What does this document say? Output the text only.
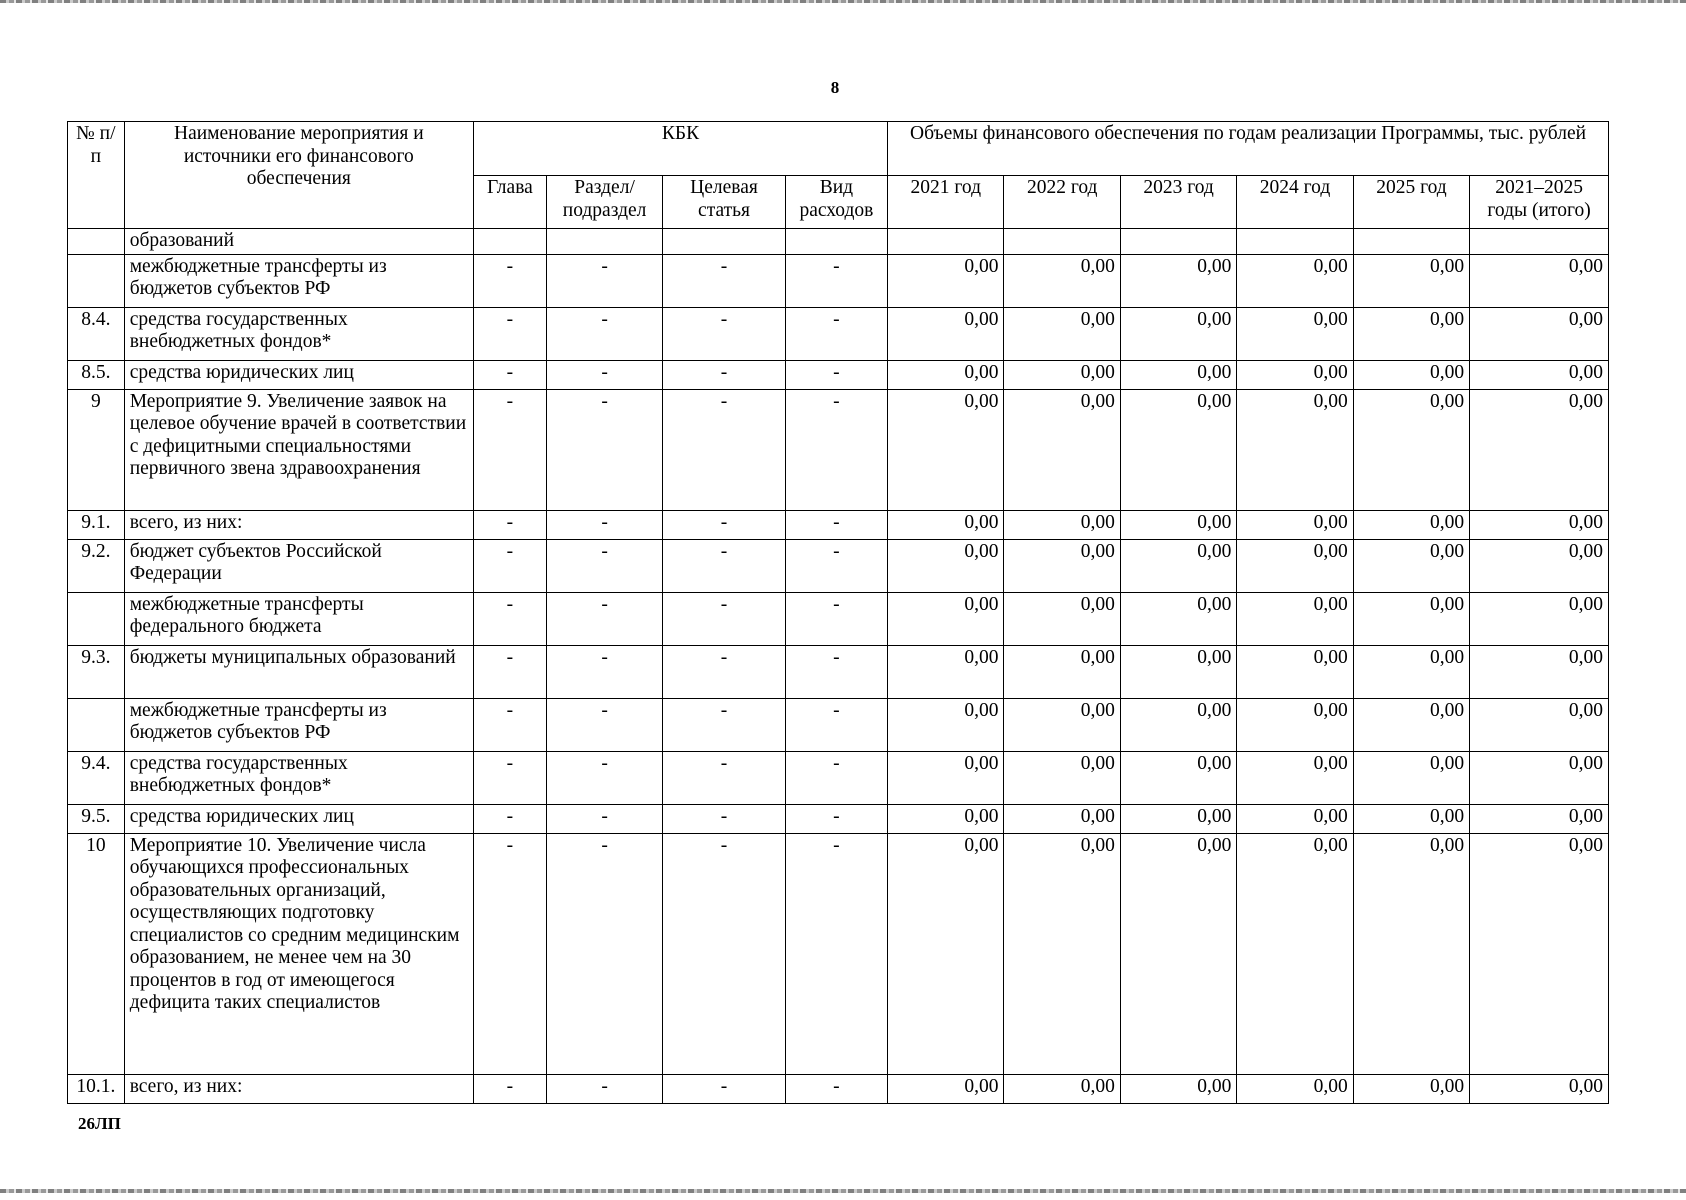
8
№ п/п	Наименование мероприятия и источники его финансового обеспечения	КБК				Объемы финансового обеспечения по годам реализации Программы, тыс. рублей					
		Глава	Раздел/ подраздел	Целевая статья	Вид расходов	2021 год	2022 год	2023 год	2024 год	2025 год	2021–2025 годы (итого)
	образований										
	межбюджетные трансферты из бюджетов субъектов РФ	-	-	-	-	0,00	0,00	0,00	0,00	0,00	0,00
8.4.	средства государственных внебюджетных фондов*	-	-	-	-	0,00	0,00	0,00	0,00	0,00	0,00
8.5.	средства юридических лиц	-	-	-	-	0,00	0,00	0,00	0,00	0,00	0,00
9	Мероприятие 9. Увеличение заявок на целевое обучение врачей в соответствии с дефицитными специальностями первичного звена здравоохранения	-	-	-	-	0,00	0,00	0,00	0,00	0,00	0,00
9.1.	всего, из них:	-	-	-	-	0,00	0,00	0,00	0,00	0,00	0,00
9.2.	бюджет субъектов Российской Федерации	-	-	-	-	0,00	0,00	0,00	0,00	0,00	0,00
	межбюджетные трансферты федерального бюджета	-	-	-	-	0,00	0,00	0,00	0,00	0,00	0,00
9.3.	бюджеты муниципальных образований	-	-	-	-	0,00	0,00	0,00	0,00	0,00	0,00
	межбюджетные трансферты из бюджетов субъектов РФ	-	-	-	-	0,00	0,00	0,00	0,00	0,00	0,00
9.4.	средства государственных внебюджетных фондов*	-	-	-	-	0,00	0,00	0,00	0,00	0,00	0,00
9.5.	средства юридических лиц	-	-	-	-	0,00	0,00	0,00	0,00	0,00	0,00
10	Мероприятие 10. Увеличение числа обучающихся профессиональных образовательных организаций, осуществляющих подготовку специалистов со средним медицинским образованием, не менее чем на 30 процентов в год от имеющегося дефицита таких специалистов	-	-	-	-	0,00	0,00	0,00	0,00	0,00	0,00
10.1.	всего, из них:	-	-	-	-	0,00	0,00	0,00	0,00	0,00	0,00
26ЛП
